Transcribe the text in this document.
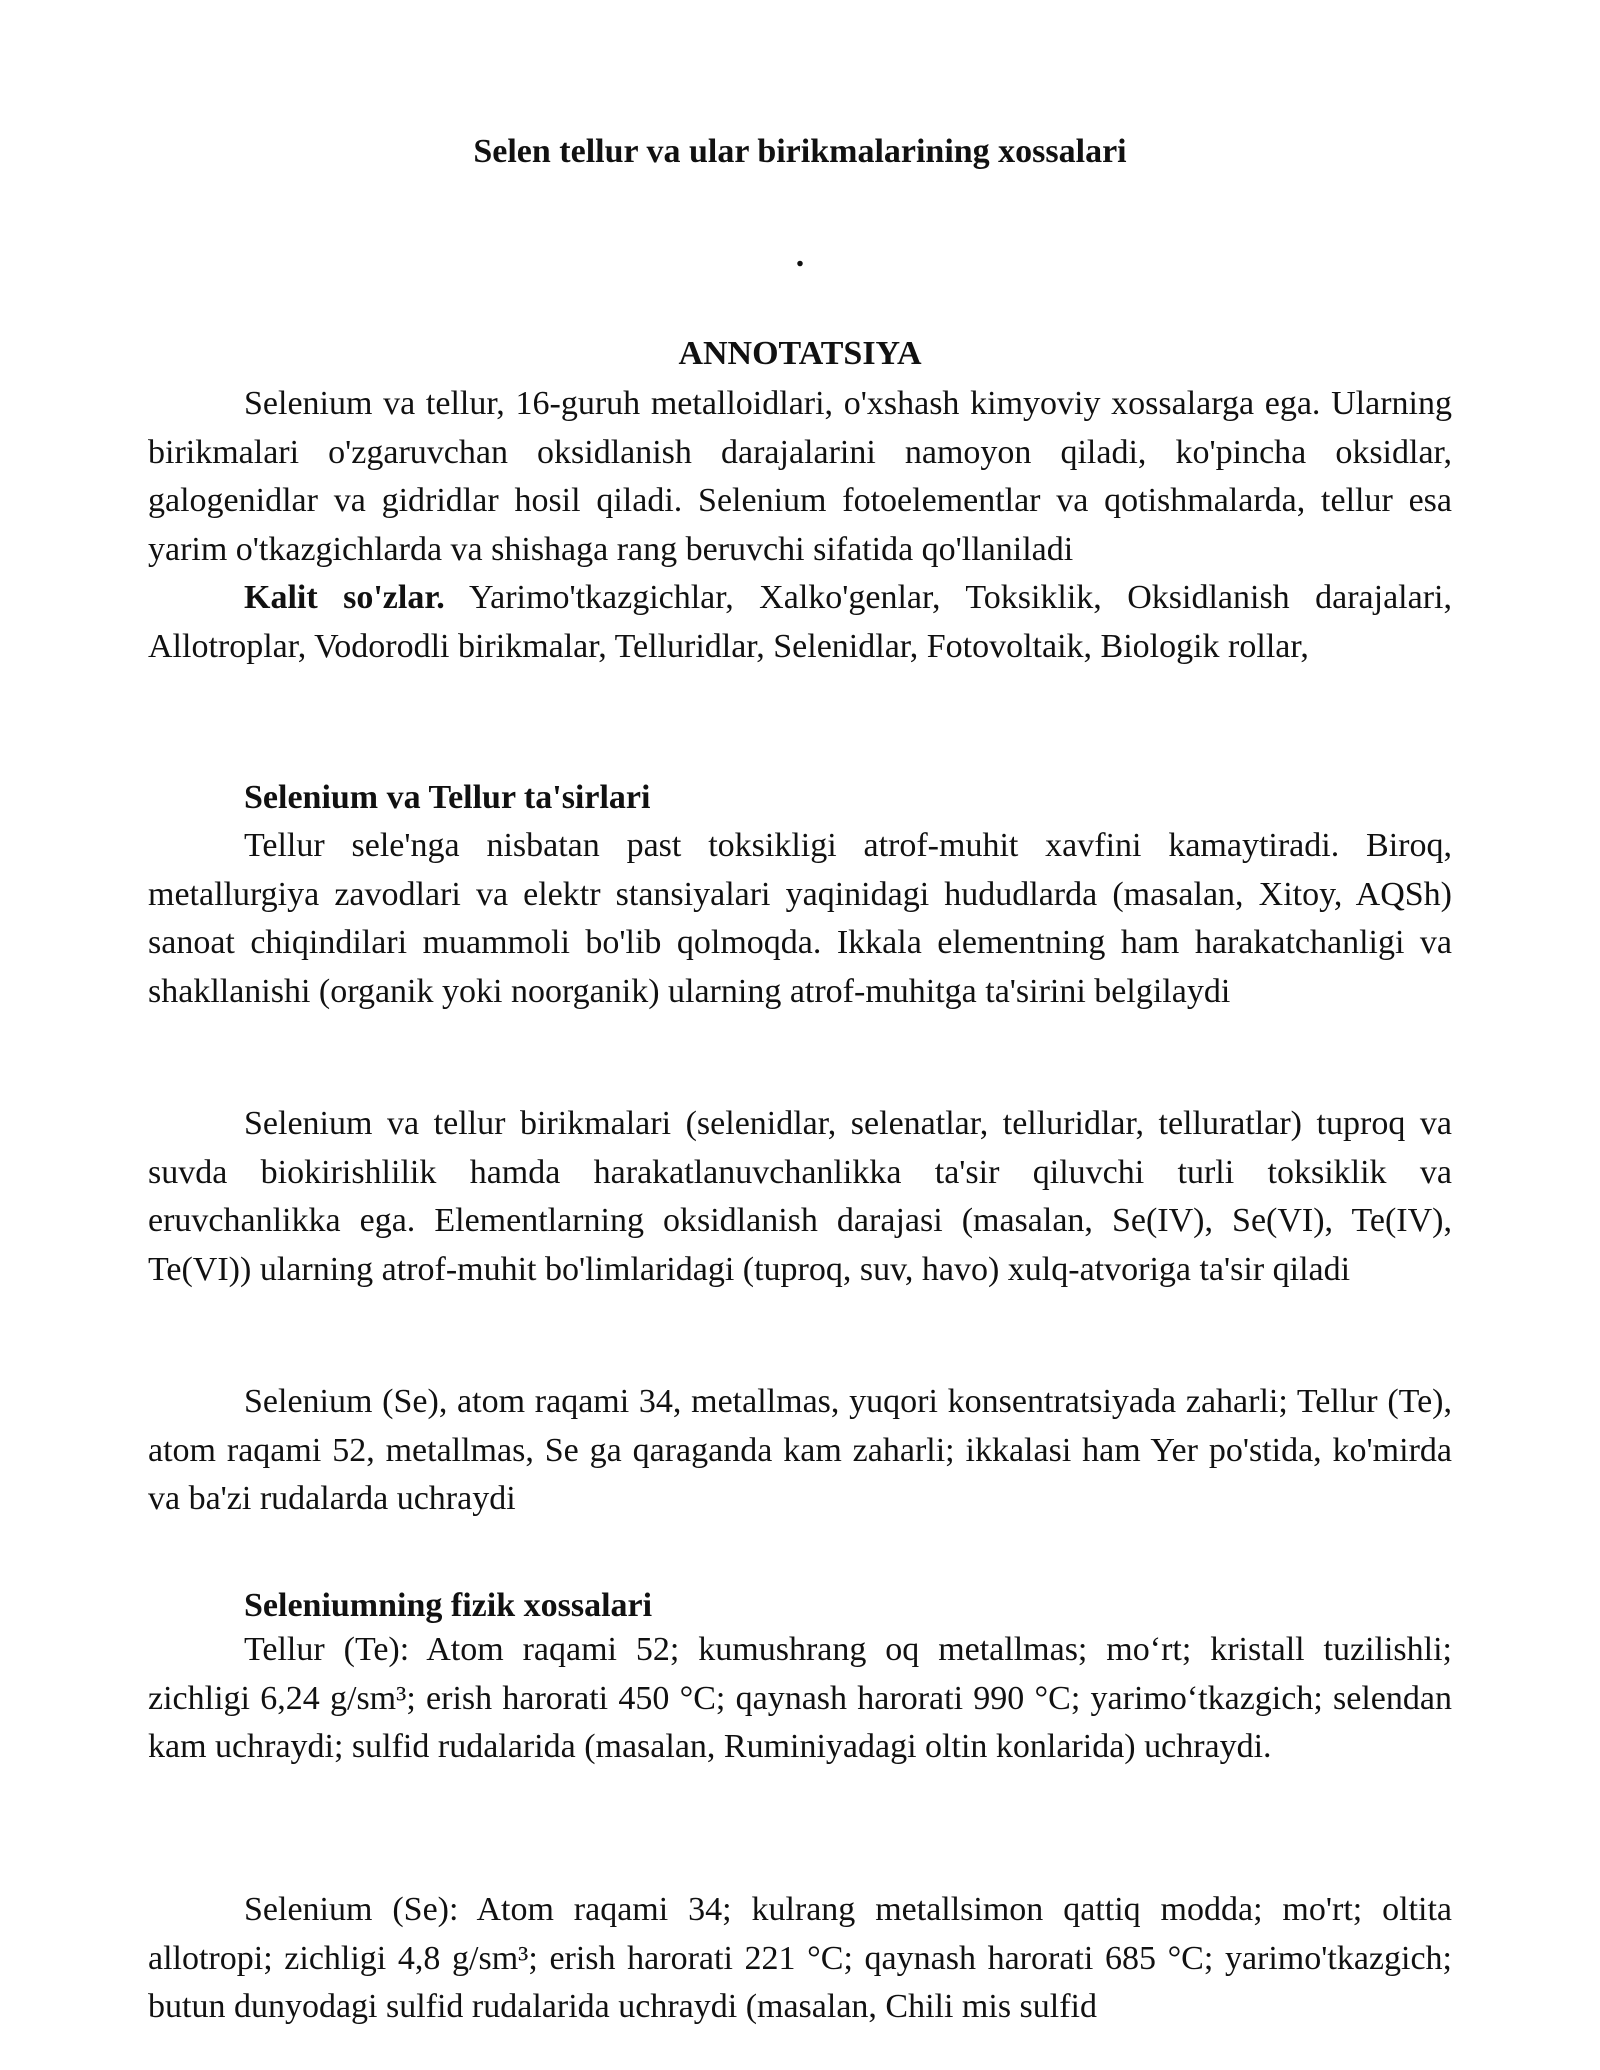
Selen tellur va ular birikmalarining xossalari
.
ANNOTATSIYA

Selenium va tellur, 16-guruh metalloidlari, o'xshash kimyoviy xossalarga ega. Ularning birikmalari o'zgaruvchan oksidlanish darajalarini namoyon qiladi, ko'pincha oksidlar, galogenidlar va gidridlar hosil qiladi. Selenium fotoelementlar va qotishmalarda, tellur esa yarim o'tkazgichlarda va shishaga rang beruvchi sifatida qo'llaniladi

Kalit so'zlar. Yarimo'tkazgichlar, Xalko'genlar, Toksiklik, Oksidlanish darajalari, Allotroplar, Vodorodli birikmalar, Telluridlar, Selenidlar, Fotovoltaik, Biologik rollar,

Selenium va Tellur ta'sirlari

Tellur sele'nga nisbatan past toksikligi atrof-muhit xavfini kamaytiradi. Biroq, metallurgiya zavodlari va elektr stansiyalari yaqinidagi hududlarda (masalan, Xitoy, AQSh) sanoat chiqindilari muammoli bo'lib qolmoqda. Ikkala elementning ham harakatchanligi va shakllanishi (organik yoki noorganik) ularning atrof-muhitga ta'sirini belgilaydi

Selenium va tellur birikmalari (selenidlar, selenatlar, telluridlar, telluratlar) tuproq va suvda biokirishlilik hamda harakatlanuvchanlikka ta'sir qiluvchi turli toksiklik va eruvchanlikka ega. Elementlarning oksidlanish darajasi (masalan, Se(IV), Se(VI), Te(IV), Te(VI)) ularning atrof-muhit bo'limlaridagi (tuproq, suv, havo) xulq-atvoriga ta'sir qiladi

Selenium (Se), atom raqami 34, metallmas, yuqori konsentratsiyada zaharli; Tellur (Te), atom raqami 52, metallmas, Se ga qaraganda kam zaharli; ikkalasi ham Yer po'stida, ko'mirda va ba'zi rudalarda uchraydi

Seleniumning fizik xossalari

Tellur (Te): Atom raqami 52; kumushrang oq metallmas; mo‘rt; kristall tuzilishli; zichligi 6,24 g/sm³; erish harorati 450 °C; qaynash harorati 990 °C; yarimo‘tkazgich; selendan kam uchraydi; sulfid rudalarida (masalan, Ruminiyadagi oltin konlarida) uchraydi.

Selenium (Se): Atom raqami 34; kulrang metallsimon qattiq modda; mo'rt; oltita allotropi; zichligi 4,8 g/sm³; erish harorati 221 °C; qaynash harorati 685 °C; yarimo'tkazgich; butun dunyodagi sulfid rudalarida uchraydi (masalan, Chili mis sulfid
